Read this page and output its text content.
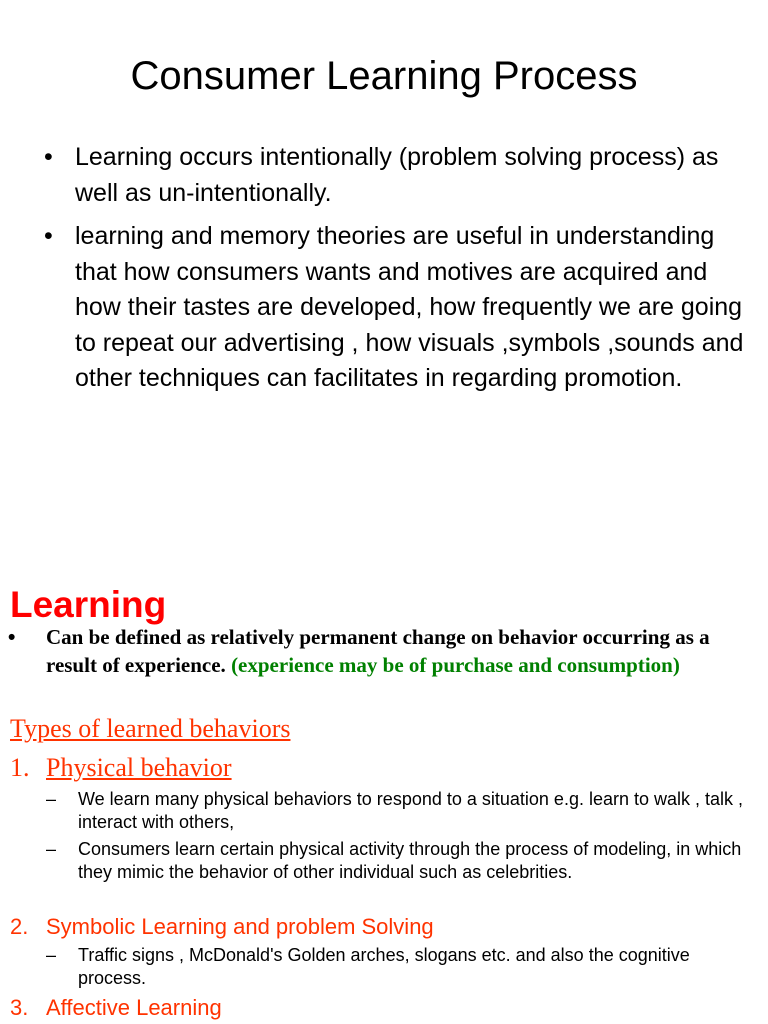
Consumer Learning Process
• Learning occurs intentionally (problem solving process) as well as un-intentionally.
• learning and memory theories are useful in understanding that how consumers wants and motives are acquired and how their tastes are developed, how frequently we are going to repeat our advertising , how visuals ,symbols ,sounds and other techniques can facilitates in regarding promotion.
Learning
• Can be defined as relatively permanent change on behavior occurring as a result of experience. (experience may be of purchase and consumption)
Types of learned behaviors
1. Physical behavior
– We learn many physical behaviors to respond to a situation e.g. learn to walk , talk , interact with others,
– Consumers learn certain physical activity through the process of modeling, in which they mimic the behavior of other individual such as celebrities.
2. Symbolic Learning and problem Solving
– Traffic signs , McDonald's Golden arches, slogans etc. and also the cognitive process.
3. Affective Learning
